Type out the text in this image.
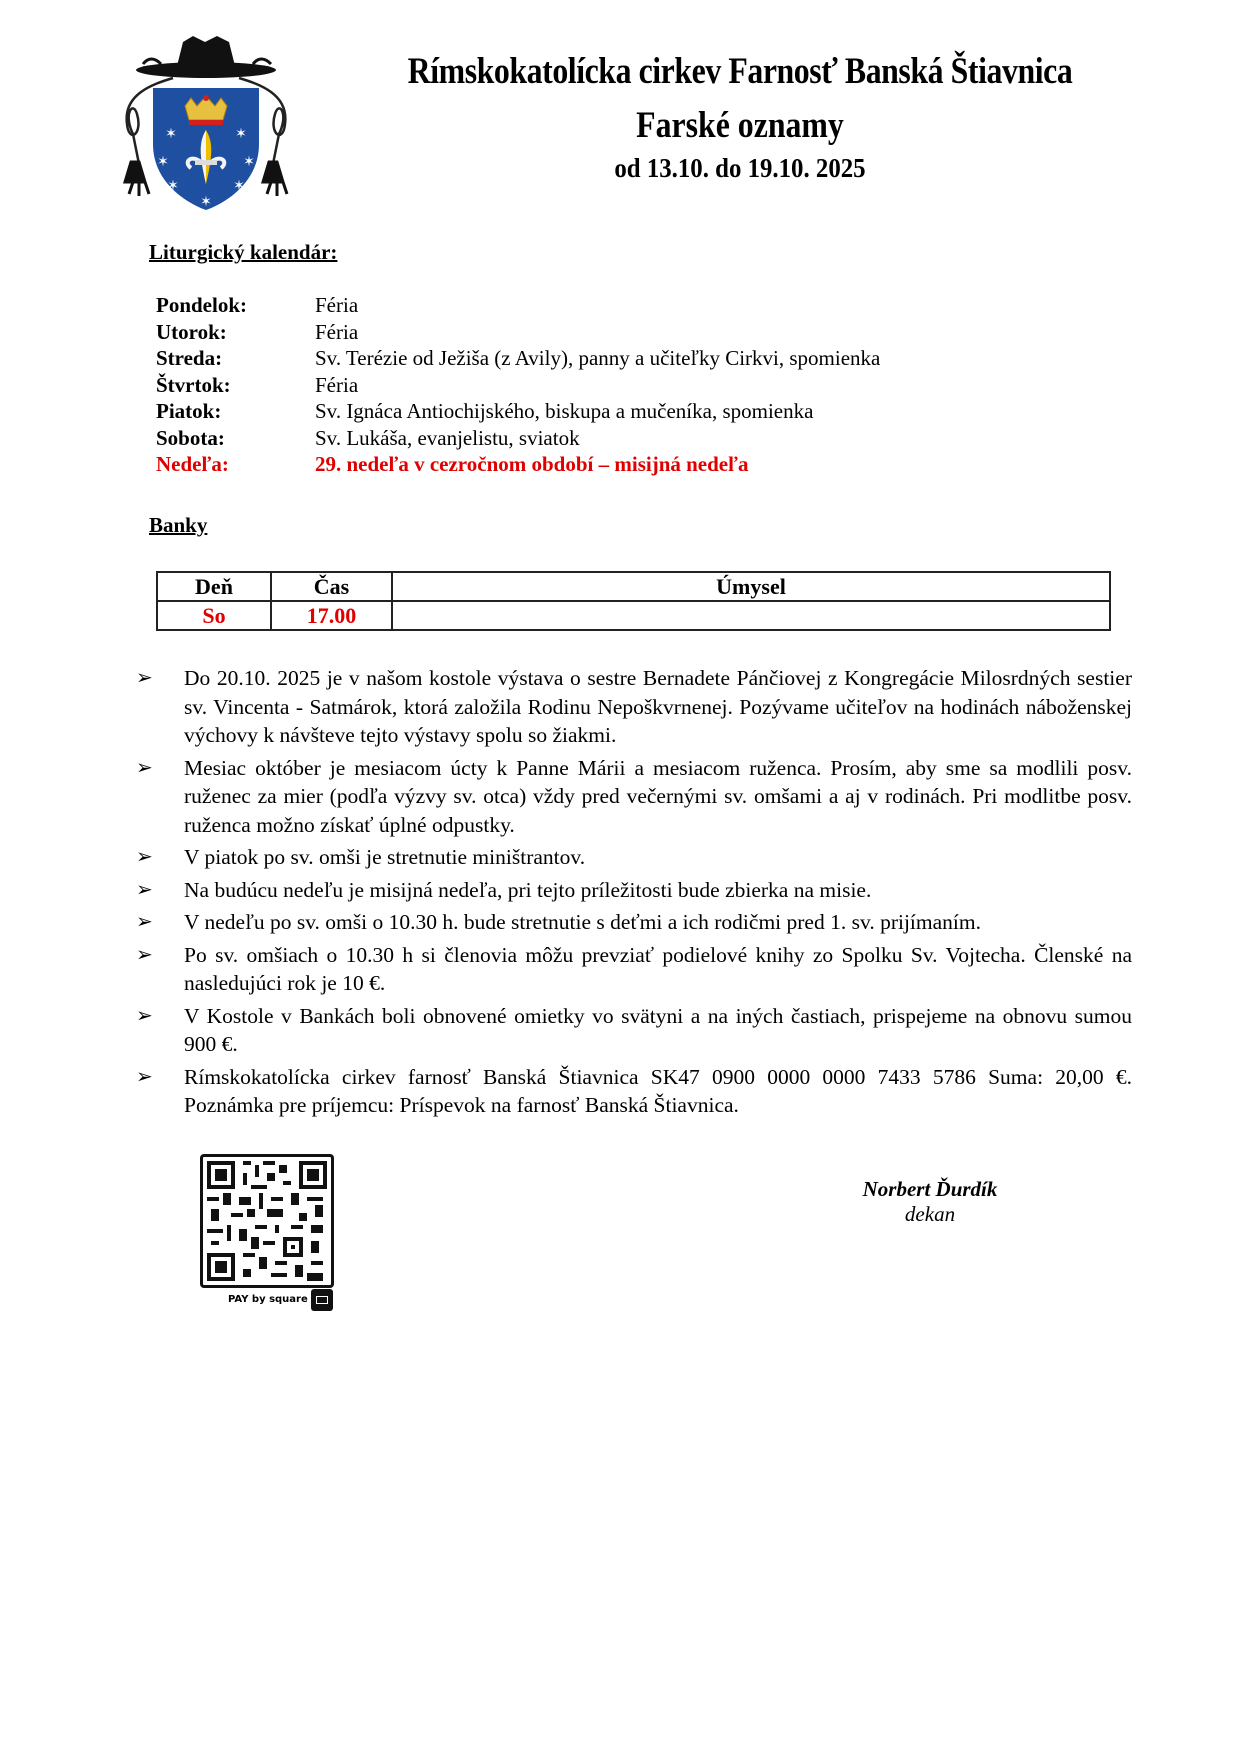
✶	✶
✶	✶
✶	✶
✶
Rímskokatolícka cirkev Farnosť Banská Štiavnica
Farské oznamy
od 13.10. do 19.10. 2025
Liturgický kalendár:
Pondelok:	Féria
Utorok:	Féria
Streda:	Sv. Terézie od Ježiša (z Avily), panny a učiteľky Cirkvi, spomienka
Štvrtok:	Féria
Piatok:	Sv. Ignáca Antiochijského, biskupa a mučeníka, spomienka
Sobota:	Sv. Lukáša, evanjelistu, sviatok
Nedeľa:	29. nedeľa v cezročnom období – misijná nedeľa
Banky
Deň	Čas	Úmysel
So	17.00	
➢	Do 20.10. 2025 je v našom kostole výstava o sestre Bernadete Pánčiovej z Kongregácie Milosrdných sestier sv. Vincenta - Satmárok, ktorá založila Rodinu Nepoškvrnenej. Pozývame učiteľov na hodinách náboženskej výchovy k návšteve tejto výstavy spolu so žiakmi.
➢	Mesiac október je mesiacom úcty k Panne Márii a mesiacom ruženca. Prosím, aby sme sa modlili posv. ruženec za mier (podľa výzvy sv. otca) vždy pred večernými sv. omšami a aj v rodinách. Pri modlitbe posv. ruženca možno získať úplné odpustky.
➢	V piatok po sv. omši je stretnutie miništrantov.
➢	Na budúcu nedeľu je misijná nedeľa, pri tejto príležitosti bude zbierka na misie.
➢	V nedeľu po sv. omši o 10.30 h. bude stretnutie s deťmi a ich rodičmi pred 1. sv. prijímaním.
➢	Po sv. omšiach o 10.30 h si členovia môžu prevziať podielové knihy zo Spolku Sv. Vojtecha. Členské na nasledujúci rok je 10 €.
➢	V Kostole v Bankách boli obnovené omietky vo svätyni a na iných častiach, prispejeme na obnovu sumou 900 €.
➢	Rímskokatolícka cirkev farnosť Banská Štiavnica SK47 0900 0000 0000 7433 5786 Suma: 20,00 €. Poznámka pre príjemcu: Príspevok na farnosť Banská Štiavnica.
PAY by square
Norbert Ďurdík
dekan
